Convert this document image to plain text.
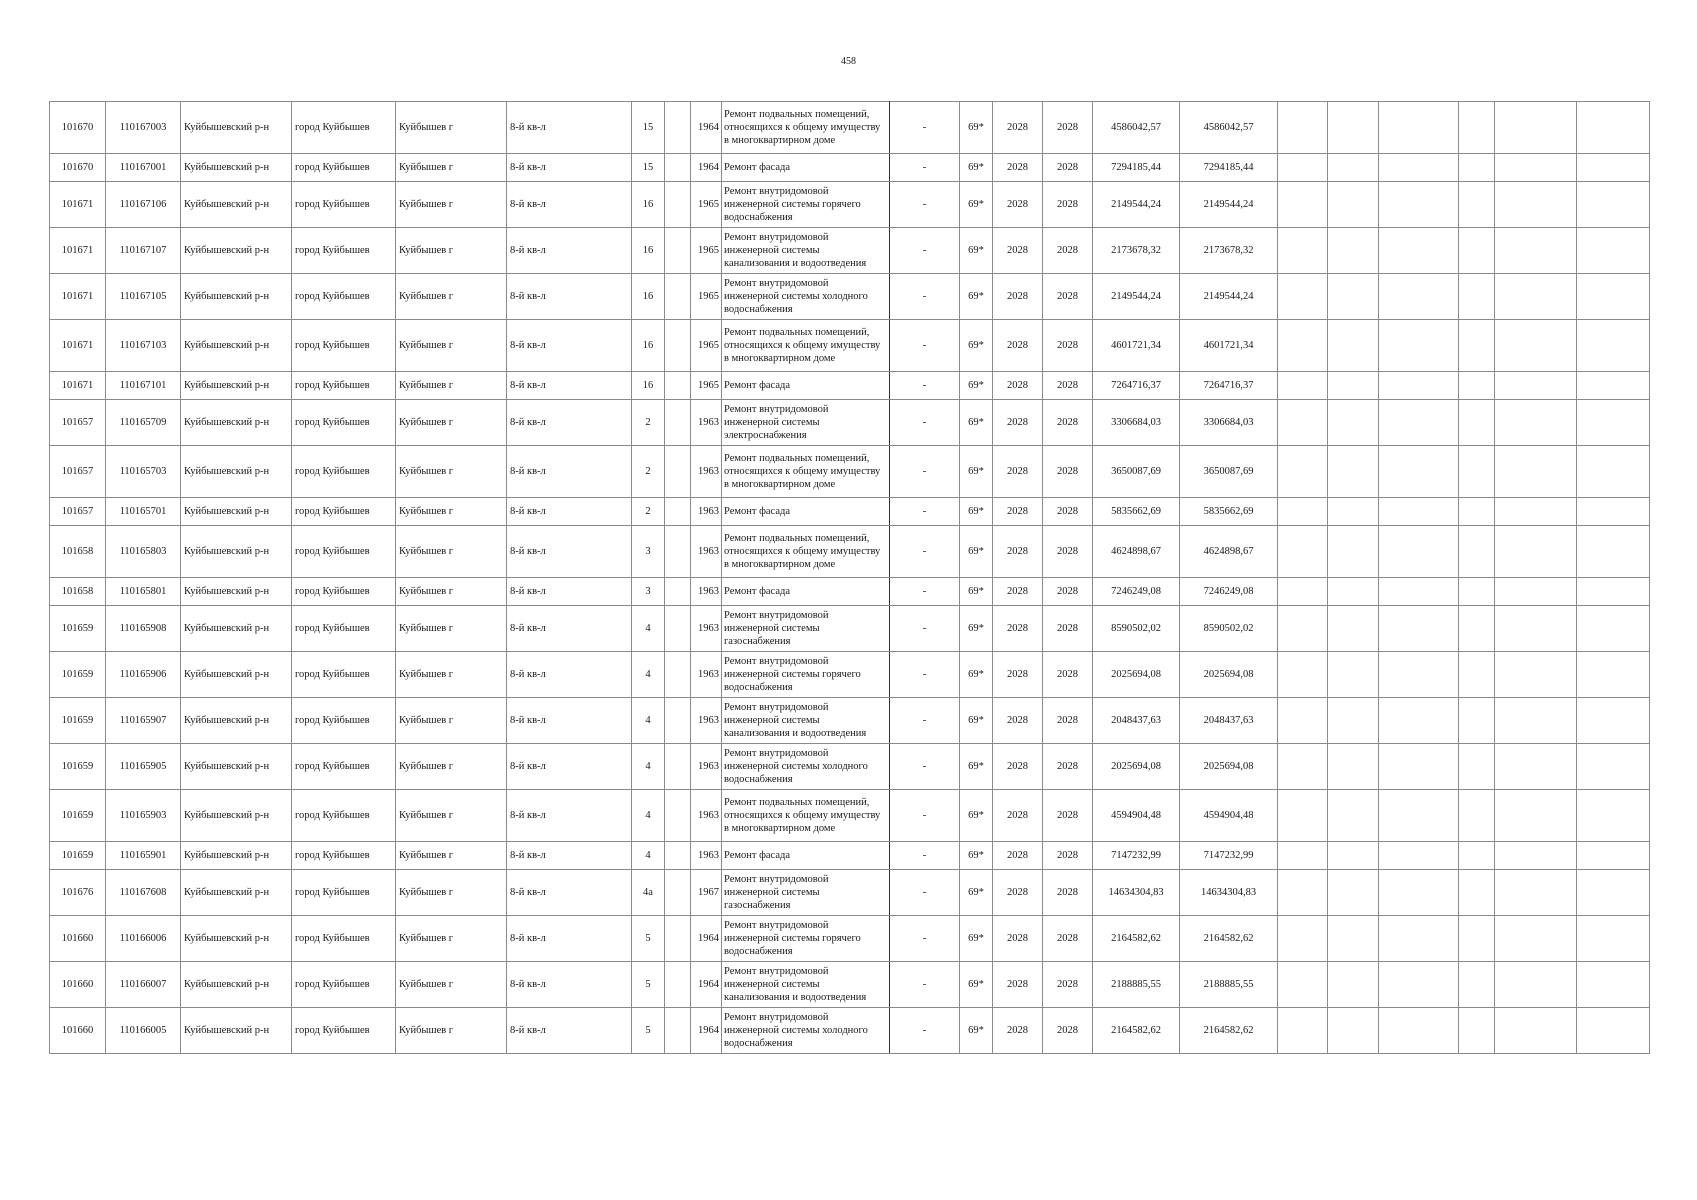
458
101670	110167003	Куйбышевский р-н	город Куйбышев	Куйбышев г	8-й кв-л	15		1964	Ремонт подвальных помещений, относящихся к общему имуществу в многоквартирном доме	-	69*	2028	2028	4586042,57	4586042,57						
101670	110167001	Куйбышевский р-н	город Куйбышев	Куйбышев г	8-й кв-л	15		1964	Ремонт фасада	-	69*	2028	2028	7294185,44	7294185,44						
101671	110167106	Куйбышевский р-н	город Куйбышев	Куйбышев г	8-й кв-л	16		1965	Ремонт внутридомовой инженерной системы горячего водоснабжения	-	69*	2028	2028	2149544,24	2149544,24						
101671	110167107	Куйбышевский р-н	город Куйбышев	Куйбышев г	8-й кв-л	16		1965	Ремонт внутридомовой инженерной системы канализования и водоотведения	-	69*	2028	2028	2173678,32	2173678,32						
101671	110167105	Куйбышевский р-н	город Куйбышев	Куйбышев г	8-й кв-л	16		1965	Ремонт внутридомовой инженерной системы холодного водоснабжения	-	69*	2028	2028	2149544,24	2149544,24						
101671	110167103	Куйбышевский р-н	город Куйбышев	Куйбышев г	8-й кв-л	16		1965	Ремонт подвальных помещений, относящихся к общему имуществу в многоквартирном доме	-	69*	2028	2028	4601721,34	4601721,34						
101671	110167101	Куйбышевский р-н	город Куйбышев	Куйбышев г	8-й кв-л	16		1965	Ремонт фасада	-	69*	2028	2028	7264716,37	7264716,37						
101657	110165709	Куйбышевский р-н	город Куйбышев	Куйбышев г	8-й кв-л	2		1963	Ремонт внутридомовой инженерной системы электроснабжения	-	69*	2028	2028	3306684,03	3306684,03						
101657	110165703	Куйбышевский р-н	город Куйбышев	Куйбышев г	8-й кв-л	2		1963	Ремонт подвальных помещений, относящихся к общему имуществу в многоквартирном доме	-	69*	2028	2028	3650087,69	3650087,69						
101657	110165701	Куйбышевский р-н	город Куйбышев	Куйбышев г	8-й кв-л	2		1963	Ремонт фасада	-	69*	2028	2028	5835662,69	5835662,69						
101658	110165803	Куйбышевский р-н	город Куйбышев	Куйбышев г	8-й кв-л	3		1963	Ремонт подвальных помещений, относящихся к общему имуществу в многоквартирном доме	-	69*	2028	2028	4624898,67	4624898,67						
101658	110165801	Куйбышевский р-н	город Куйбышев	Куйбышев г	8-й кв-л	3		1963	Ремонт фасада	-	69*	2028	2028	7246249,08	7246249,08						
101659	110165908	Куйбышевский р-н	город Куйбышев	Куйбышев г	8-й кв-л	4		1963	Ремонт внутридомовой инженерной системы газоснабжения	-	69*	2028	2028	8590502,02	8590502,02						
101659	110165906	Куйбышевский р-н	город Куйбышев	Куйбышев г	8-й кв-л	4		1963	Ремонт внутридомовой инженерной системы горячего водоснабжения	-	69*	2028	2028	2025694,08	2025694,08						
101659	110165907	Куйбышевский р-н	город Куйбышев	Куйбышев г	8-й кв-л	4		1963	Ремонт внутридомовой инженерной системы канализования и водоотведения	-	69*	2028	2028	2048437,63	2048437,63						
101659	110165905	Куйбышевский р-н	город Куйбышев	Куйбышев г	8-й кв-л	4		1963	Ремонт внутридомовой инженерной системы холодного водоснабжения	-	69*	2028	2028	2025694,08	2025694,08						
101659	110165903	Куйбышевский р-н	город Куйбышев	Куйбышев г	8-й кв-л	4		1963	Ремонт подвальных помещений, относящихся к общему имуществу в многоквартирном доме	-	69*	2028	2028	4594904,48	4594904,48						
101659	110165901	Куйбышевский р-н	город Куйбышев	Куйбышев г	8-й кв-л	4		1963	Ремонт фасада	-	69*	2028	2028	7147232,99	7147232,99						
101676	110167608	Куйбышевский р-н	город Куйбышев	Куйбышев г	8-й кв-л	4а		1967	Ремонт внутридомовой инженерной системы газоснабжения	-	69*	2028	2028	14634304,83	14634304,83						
101660	110166006	Куйбышевский р-н	город Куйбышев	Куйбышев г	8-й кв-л	5		1964	Ремонт внутридомовой инженерной системы горячего водоснабжения	-	69*	2028	2028	2164582,62	2164582,62						
101660	110166007	Куйбышевский р-н	город Куйбышев	Куйбышев г	8-й кв-л	5		1964	Ремонт внутридомовой инженерной системы канализования и водоотведения	-	69*	2028	2028	2188885,55	2188885,55						
101660	110166005	Куйбышевский р-н	город Куйбышев	Куйбышев г	8-й кв-л	5		1964	Ремонт внутридомовой инженерной системы холодного водоснабжения	-	69*	2028	2028	2164582,62	2164582,62						
